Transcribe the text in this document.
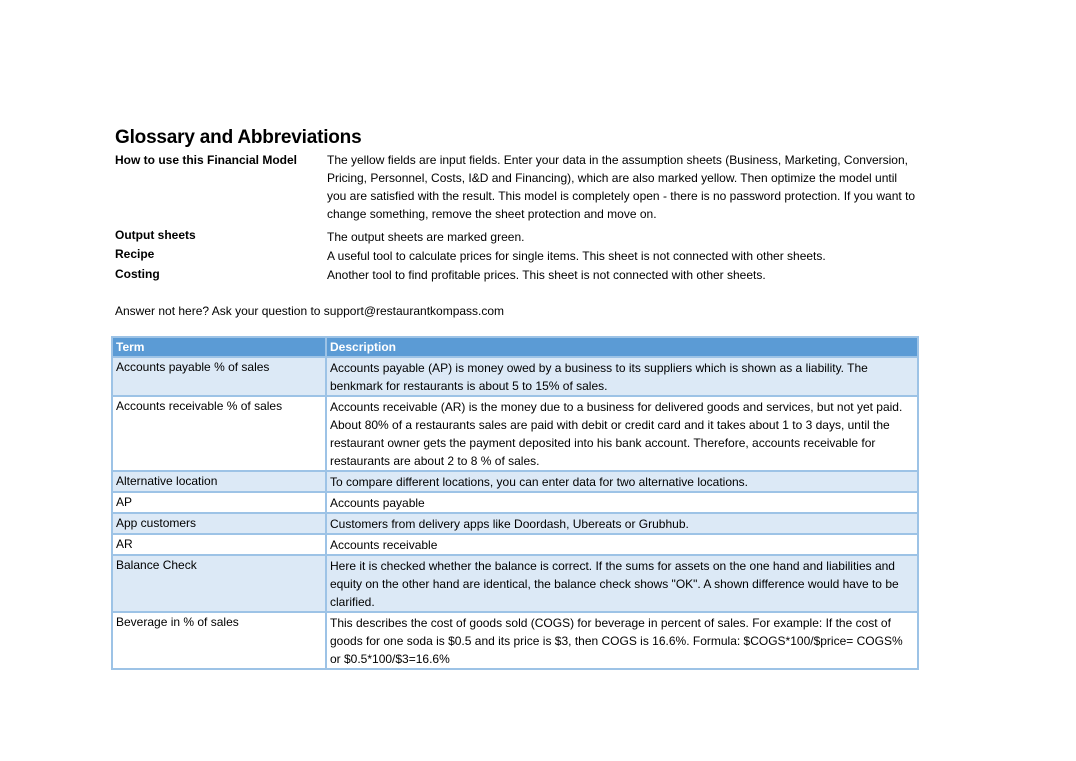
Glossary and Abbreviations
How to use this Financial Model	The yellow fields are input fields. Enter your data in the assumption sheets (Business, Marketing, Conversion, Pricing, Personnel, Costs, I&D and Financing), which are also marked yellow. Then optimize the model until you are satisfied with the result. This model is completely open - there is no password protection. If you want to change something, remove the sheet protection and move on.
Output sheets	The output sheets are marked green.
Recipe	A useful tool to calculate prices for single items. This sheet is not connected with other sheets.
Costing	Another tool to find profitable prices. This sheet is not connected with other sheets.
Answer not here? Ask your question to support@restaurantkompass.com
Term	Description
Accounts payable % of sales	Accounts payable (AP) is money owed by a business to its suppliers which is shown as a liability. The benkmark for restaurants is about 5 to 15% of sales.
Accounts receivable % of sales	Accounts receivable (AR) is the money due to a business for delivered goods and services, but not yet paid. About 80% of a restaurants sales are paid with debit or credit card and it takes about 1 to 3 days, until the restaurant owner gets the payment deposited into his bank account. Therefore, accounts receivable for restaurants are about 2 to 8 % of sales.
Alternative location	To compare different locations, you can enter data for two alternative locations.
AP	Accounts payable
App customers	Customers from delivery apps like Doordash, Ubereats or Grubhub.
AR	Accounts receivable
Balance Check	Here it is checked whether the balance is correct. If the sums for assets on the one hand and liabilities and equity on the other hand are identical, the balance check shows "OK". A shown difference would have to be clarified.
Beverage in % of sales	This describes the cost of goods sold (COGS) for beverage in percent of sales. For example: If the cost of goods for one soda is $0.5 and its price is $3, then COGS is 16.6%. Formula: $COGS*100/$price= COGS% or $0.5*100/$3=16.6%
